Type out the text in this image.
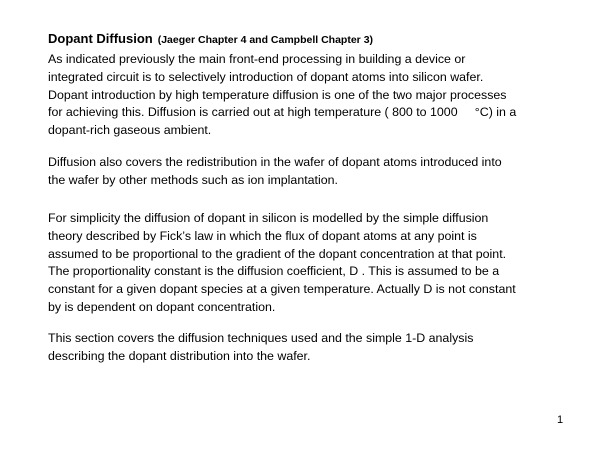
Dopant Diffusion (Jaeger Chapter 4 and Campbell Chapter 3)

As indicated previously the main front-end processing in building a device or
integrated circuit is to selectively introduction of dopant atoms into silicon wafer.
Dopant introduction by high temperature diffusion is one of the two major processes
for achieving this. Diffusion is carried out at high temperature ( 800 to 1000     °C) in a
dopant-rich gaseous ambient.

Diffusion also covers the redistribution in the wafer of dopant atoms introduced into
the wafer by other methods such as ion implantation.

For simplicity the diffusion of dopant in silicon is modelled by the simple diffusion
theory described by Fick’s law in which the flux of dopant atoms at any point is
assumed to be proportional to the gradient of the dopant concentration at that point.
The proportionality constant is the diffusion coefficient, D . This is assumed to be a
constant for a given dopant species at a given temperature. Actually D is not constant
by is dependent on dopant concentration.

This section covers the diffusion techniques used and the simple 1-D analysis
describing the dopant distribution into the wafer.

1
